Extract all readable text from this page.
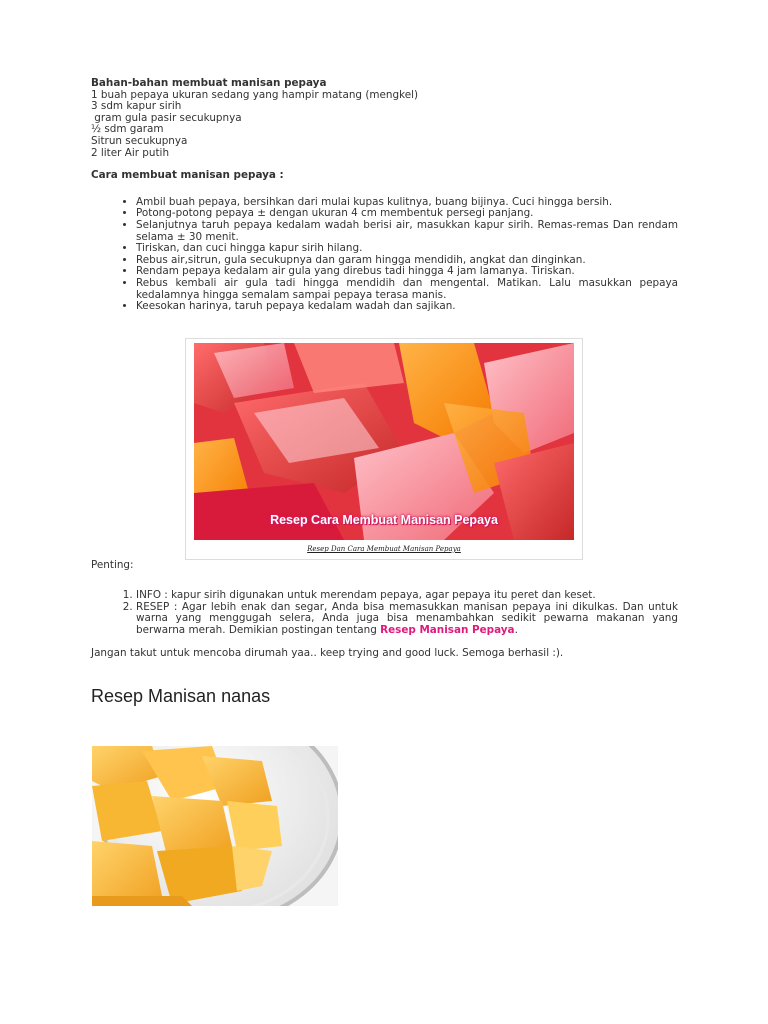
Bahan-bahan membuat manisan pepaya
1 buah pepaya ukuran sedang yang hampir matang (mengkel)
3 sdm kapur sirih
gram gula pasir secukupnya
½ sdm garam
Sitrun secukupnya
2 liter Air putih
Cara membuat manisan pepaya :
• Ambil buah pepaya, bersihkan dari mulai kupas kulitnya, buang bijinya. Cuci hingga bersih.
• Potong-potong pepaya ± dengan ukuran 4 cm membentuk persegi panjang.
• Selanjutnya taruh pepaya kedalam wadah berisi air, masukkan kapur sirih. Remas-remas Dan rendam selama ± 30 menit.
• Tiriskan, dan cuci hingga kapur sirih hilang.
• Rebus air,sitrun, gula secukupnya dan garam hingga mendidih, angkat dan dinginkan.
• Rendam pepaya kedalam air gula yang direbus tadi hingga 4 jam lamanya. Tiriskan.
• Rebus kembali air gula tadi hingga mendidih dan mengental. Matikan. Lalu masukkan pepaya kedalamnya hingga semalam sampai pepaya terasa manis.
• Keesokan harinya, taruh pepaya kedalam wadah dan sajikan.
Resep Cara Membuat Manisan Pepaya
Resep Dan Cara Membuat Manisan Pepaya
Penting:
1. INFO : kapur sirih digunakan untuk merendam pepaya, agar pepaya itu peret dan keset.
2. RESEP : Agar lebih enak dan segar, Anda bisa memasukkan manisan pepaya ini dikulkas. Dan untuk warna yang menggugah selera, Anda juga bisa menambahkan sedikit pewarna makanan yang berwarna merah. Demikian postingan tentang Resep Manisan Pepaya.
Jangan takut untuk mencoba dirumah yaa.. keep trying and good luck. Semoga berhasil :).
Resep Manisan nanas
